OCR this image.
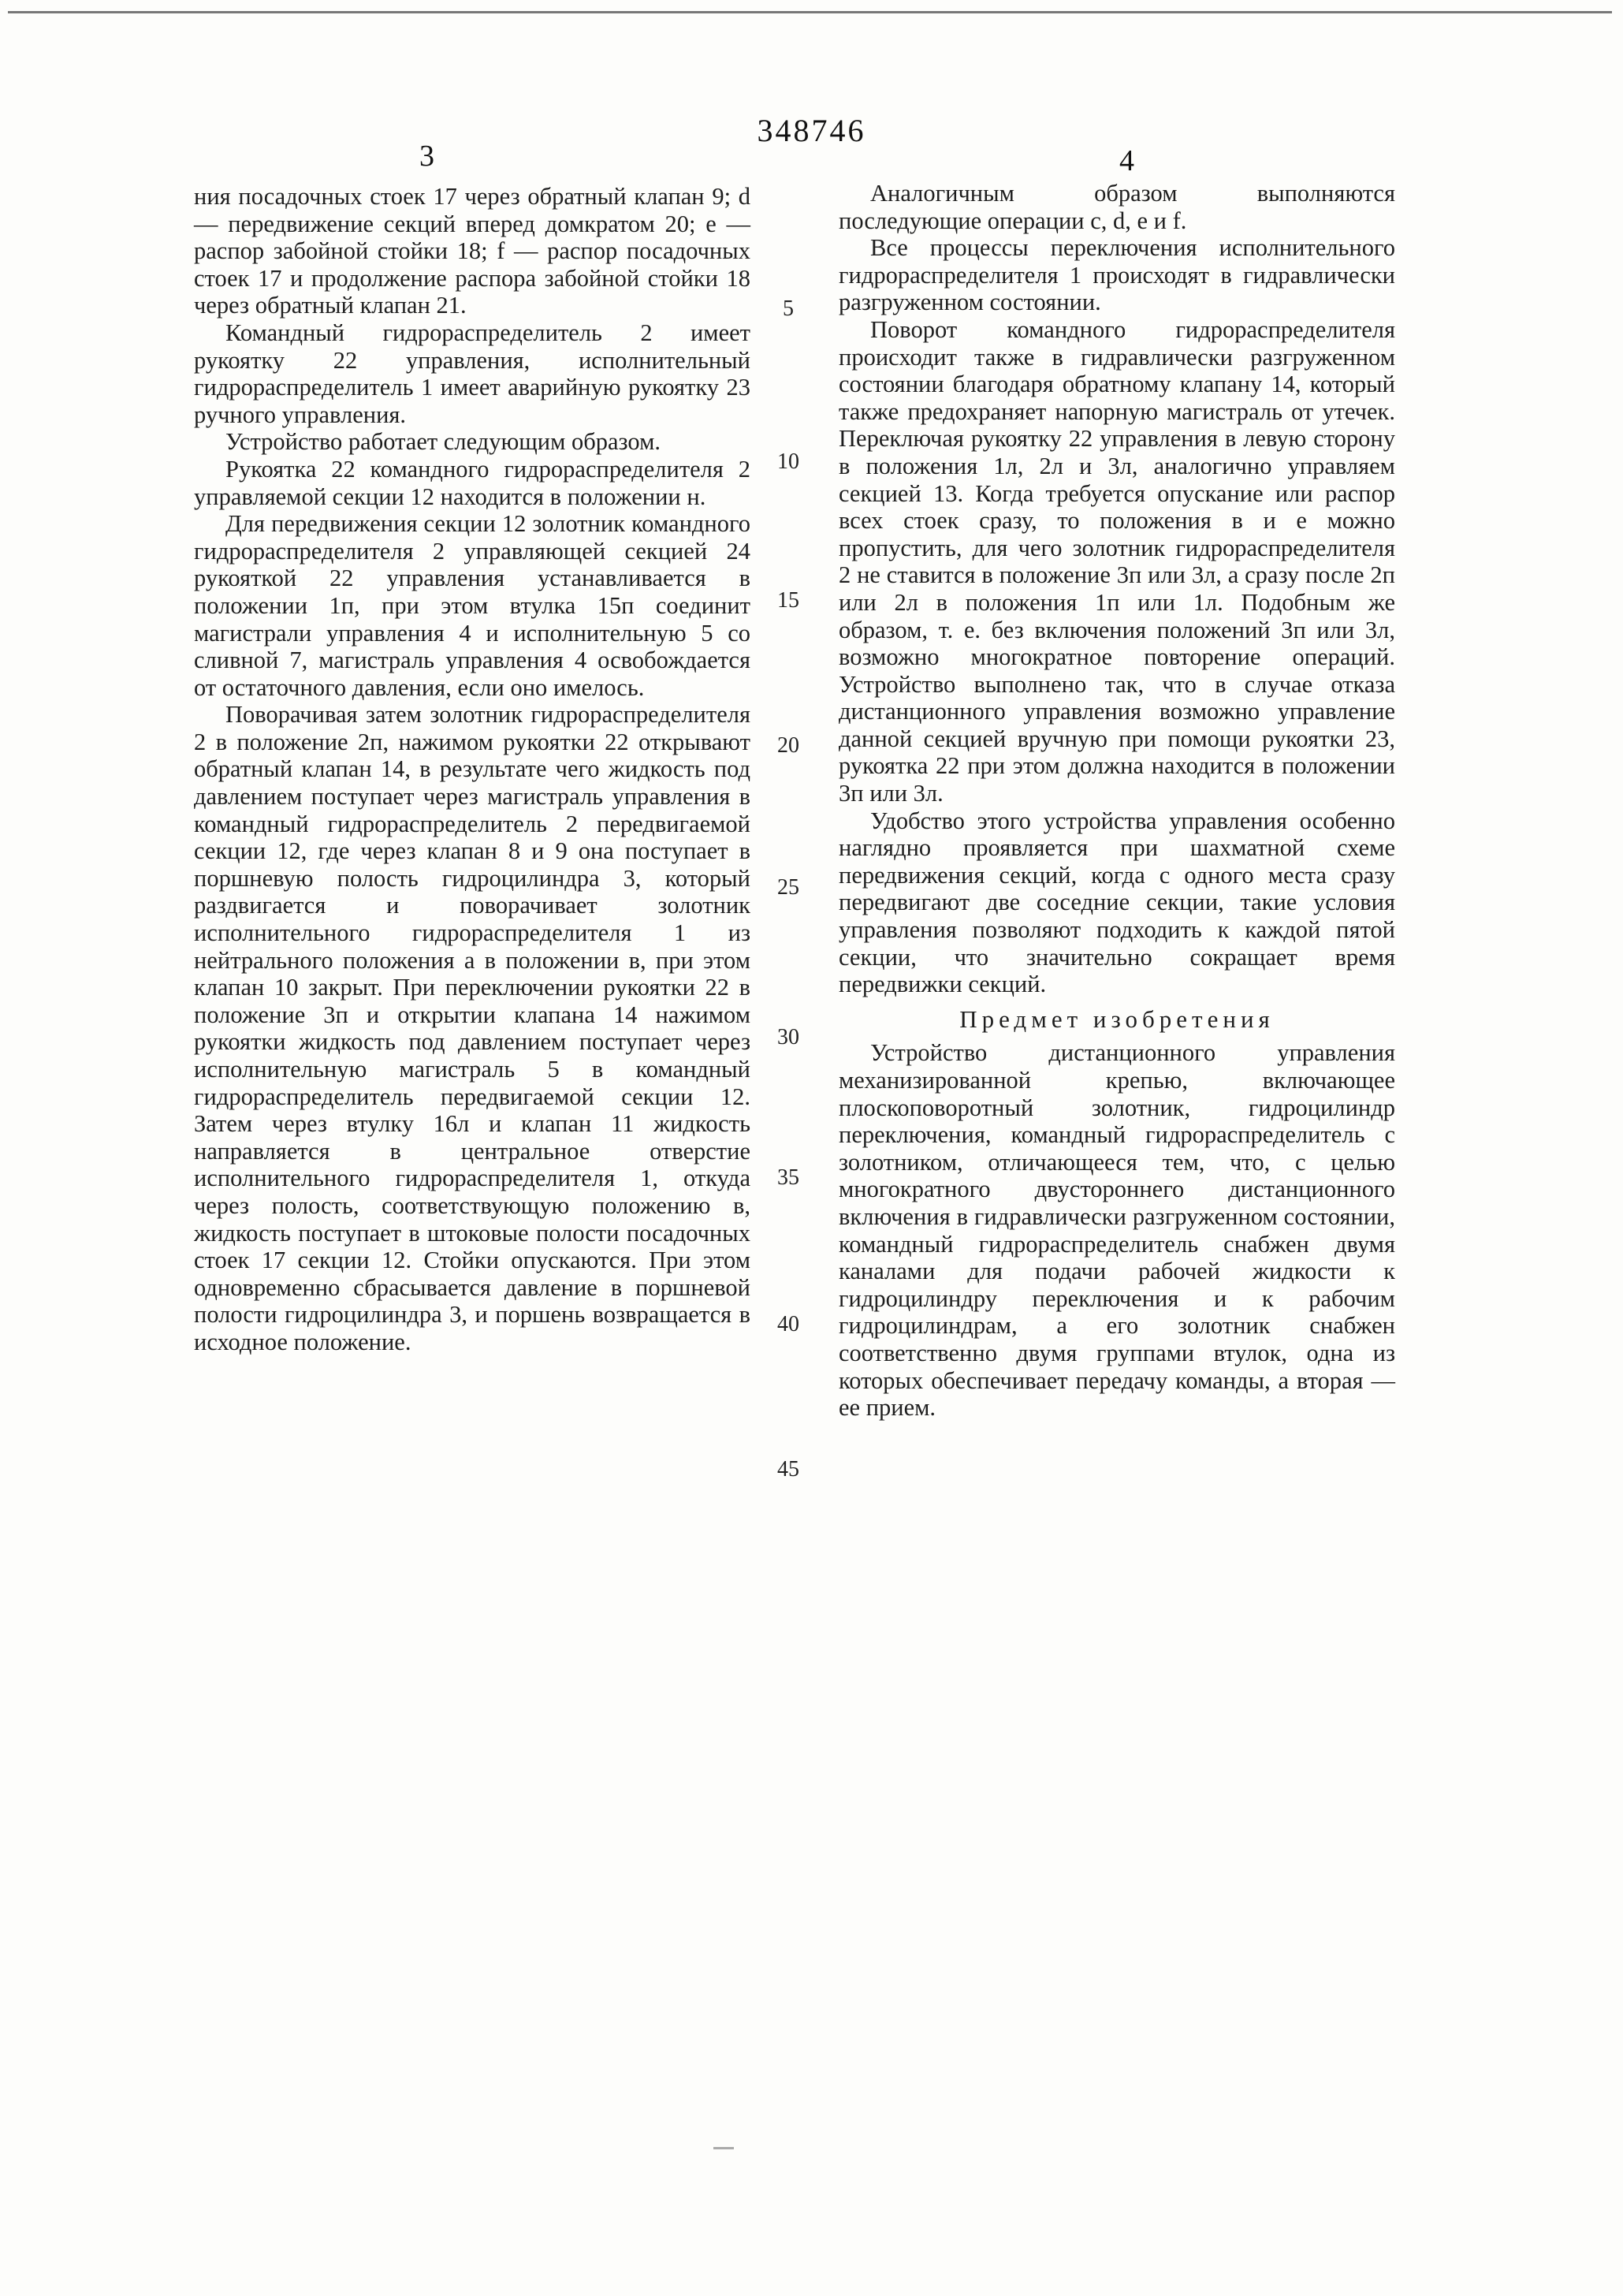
348746
3	4

ния посадочных стоек 17 через обратный клапан 9; d — передвижение секций вперед домкратом 20; e — распор забойной стойки 18; f — распор посадочных стоек 17 и продолжение распора забойной стойки 18 через обратный клапан 21.

Командный гидрораспределитель 2 имеет рукоятку 22 управления, исполнительный гидрораспределитель 1 имеет аварийную рукоятку 23 ручного управления.

Устройство работает следующим образом.

Рукоятка 22 командного гидрораспределителя 2 управляемой секции 12 находится в положении н.

Для передвижения секции 12 золотник командного гидрораспределителя 2 управляющей секцией 24 рукояткой 22 управления устанавливается в положении 1п, при этом втулка 15п соединит магистрали управления 4 и исполнительную 5 со сливной 7, магистраль управления 4 освобождается от остаточного давления, если оно имелось.

Поворачивая затем золотник гидрораспределителя 2 в положение 2п, нажимом рукоятки 22 открывают обратный клапан 14, в результате чего жидкость под давлением поступает через магистраль управления в командный гидрораспределитель 2 передвигаемой секции 12, где через клапан 8 и 9 она поступает в поршневую полость гидроцилиндра 3, который раздвигается и поворачивает золотник исполнительного гидрораспределителя 1 из нейтрального положения а в положении в, при этом клапан 10 закрыт. При переключении рукоятки 22 в положение 3п и открытии клапана 14 нажимом рукоятки жидкость под давлением поступает через исполнительную магистраль 5 в командный гидрораспределитель передвигаемой секции 12. Затем через втулку 16л и клапан 11 жидкость направляется в центральное отверстие исполнительного гидрораспределителя 1, откуда через полость, соответствующую положению в, жидкость поступает в штоковые полости посадочных стоек 17 секции 12. Стойки опускаются. При этом одновременно сбрасывается давление в поршневой полости гидроцилиндра 3, и поршень возвращается в исходное положение.

5
10
15
20
25
30
35
40
45

Аналогичным образом выполняются последующие операции с, d, е и f.

Все процессы переключения исполнительного гидрораспределителя 1 происходят в гидравлически разгруженном состоянии.

Поворот командного гидрораспределителя происходит также в гидравлически разгруженном состоянии благодаря обратному клапану 14, который также предохраняет напорную магистраль от утечек. Переключая рукоятку 22 управления в левую сторону в положения 1л, 2л и 3л, аналогично управляем секцией 13. Когда требуется опускание или распор всех стоек сразу, то положения в и е можно пропустить, для чего золотник гидрораспределителя 2 не ставится в положение 3п или 3л, а сразу после 2п или 2л в положения 1п или 1л. Подобным же образом, т. е. без включения положений 3п или 3л, возможно многократное повторение операций. Устройство выполнено так, что в случае отказа дистанционного управления возможно управление данной секцией вручную при помощи рукоятки 23, рукоятка 22 при этом должна находится в положении 3п или 3л.

Удобство этого устройства управления особенно наглядно проявляется при шахматной схеме передвижения секций, когда с одного места сразу передвигают две соседние секции, такие условия управления позволяют подходить к каждой пятой секции, что значительно сокращает время передвижки секций.

Предмет изобретения

Устройство дистанционного управления механизированной крепью, включающее плоскоповоротный золотник, гидроцилиндр переключения, командный гидрораспределитель с золотником, отличающееся тем, что, с целью многократного двустороннего дистанционного включения в гидравлически разгруженном состоянии, командный гидрораспределитель снабжен двумя каналами для подачи рабочей жидкости к гидроцилиндру переключения и к рабочим гидроцилиндрам, а его золотник снабжен соответственно двумя группами втулок, одна из которых обеспечивает передачу команды, а вторая — ее прием.
